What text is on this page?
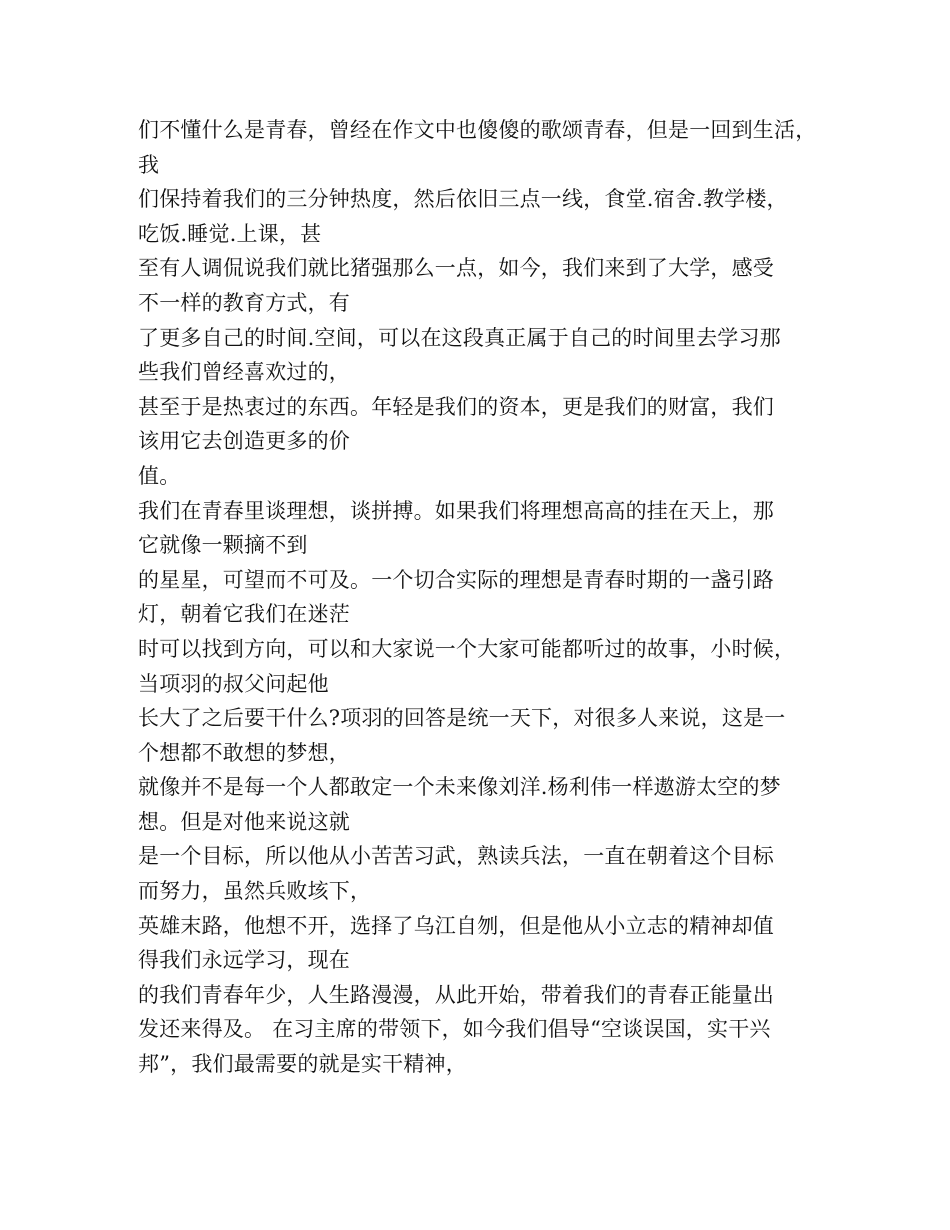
们不懂什么是青春，曾经在作文中也傻傻的歌颂青春，但是一回到生活，
我
们保持着我们的三分钟热度，然后依旧三点一线，食堂.宿舍.教学楼，
吃饭.睡觉.上课，甚
至有人调侃说我们就比猪强那么一点，如今，我们来到了大学，感受
不一样的教育方式，有
了更多自己的时间.空间，可以在这段真正属于自己的时间里去学习那
些我们曾经喜欢过的，
甚至于是热衷过的东西。年轻是我们的资本，更是我们的财富，我们
该用它去创造更多的价
值。
我们在青春里谈理想，谈拼搏。如果我们将理想高高的挂在天上，那
它就像一颗摘不到
的星星，可望而不可及。一个切合实际的理想是青春时期的一盏引路
灯，朝着它我们在迷茫
时可以找到方向，可以和大家说一个大家可能都听过的故事，小时候，
当项羽的叔父问起他
长大了之后要干什么?项羽的回答是统一天下，对很多人来说，这是一
个想都不敢想的梦想，
就像并不是每一个人都敢定一个未来像刘洋.杨利伟一样遨游太空的梦
想。但是对他来说这就
是一个目标，所以他从小苦苦习武，熟读兵法，一直在朝着这个目标
而努力，虽然兵败垓下，
英雄末路，他想不开，选择了乌江自刎，但是他从小立志的精神却值
得我们永远学习，现在
的我们青春年少，人生路漫漫，从此开始，带着我们的青春正能量出
发还来得及。 在习主席的带领下，如今我们倡导“空谈误国，实干兴
邦”，我们最需要的就是实干精神，
